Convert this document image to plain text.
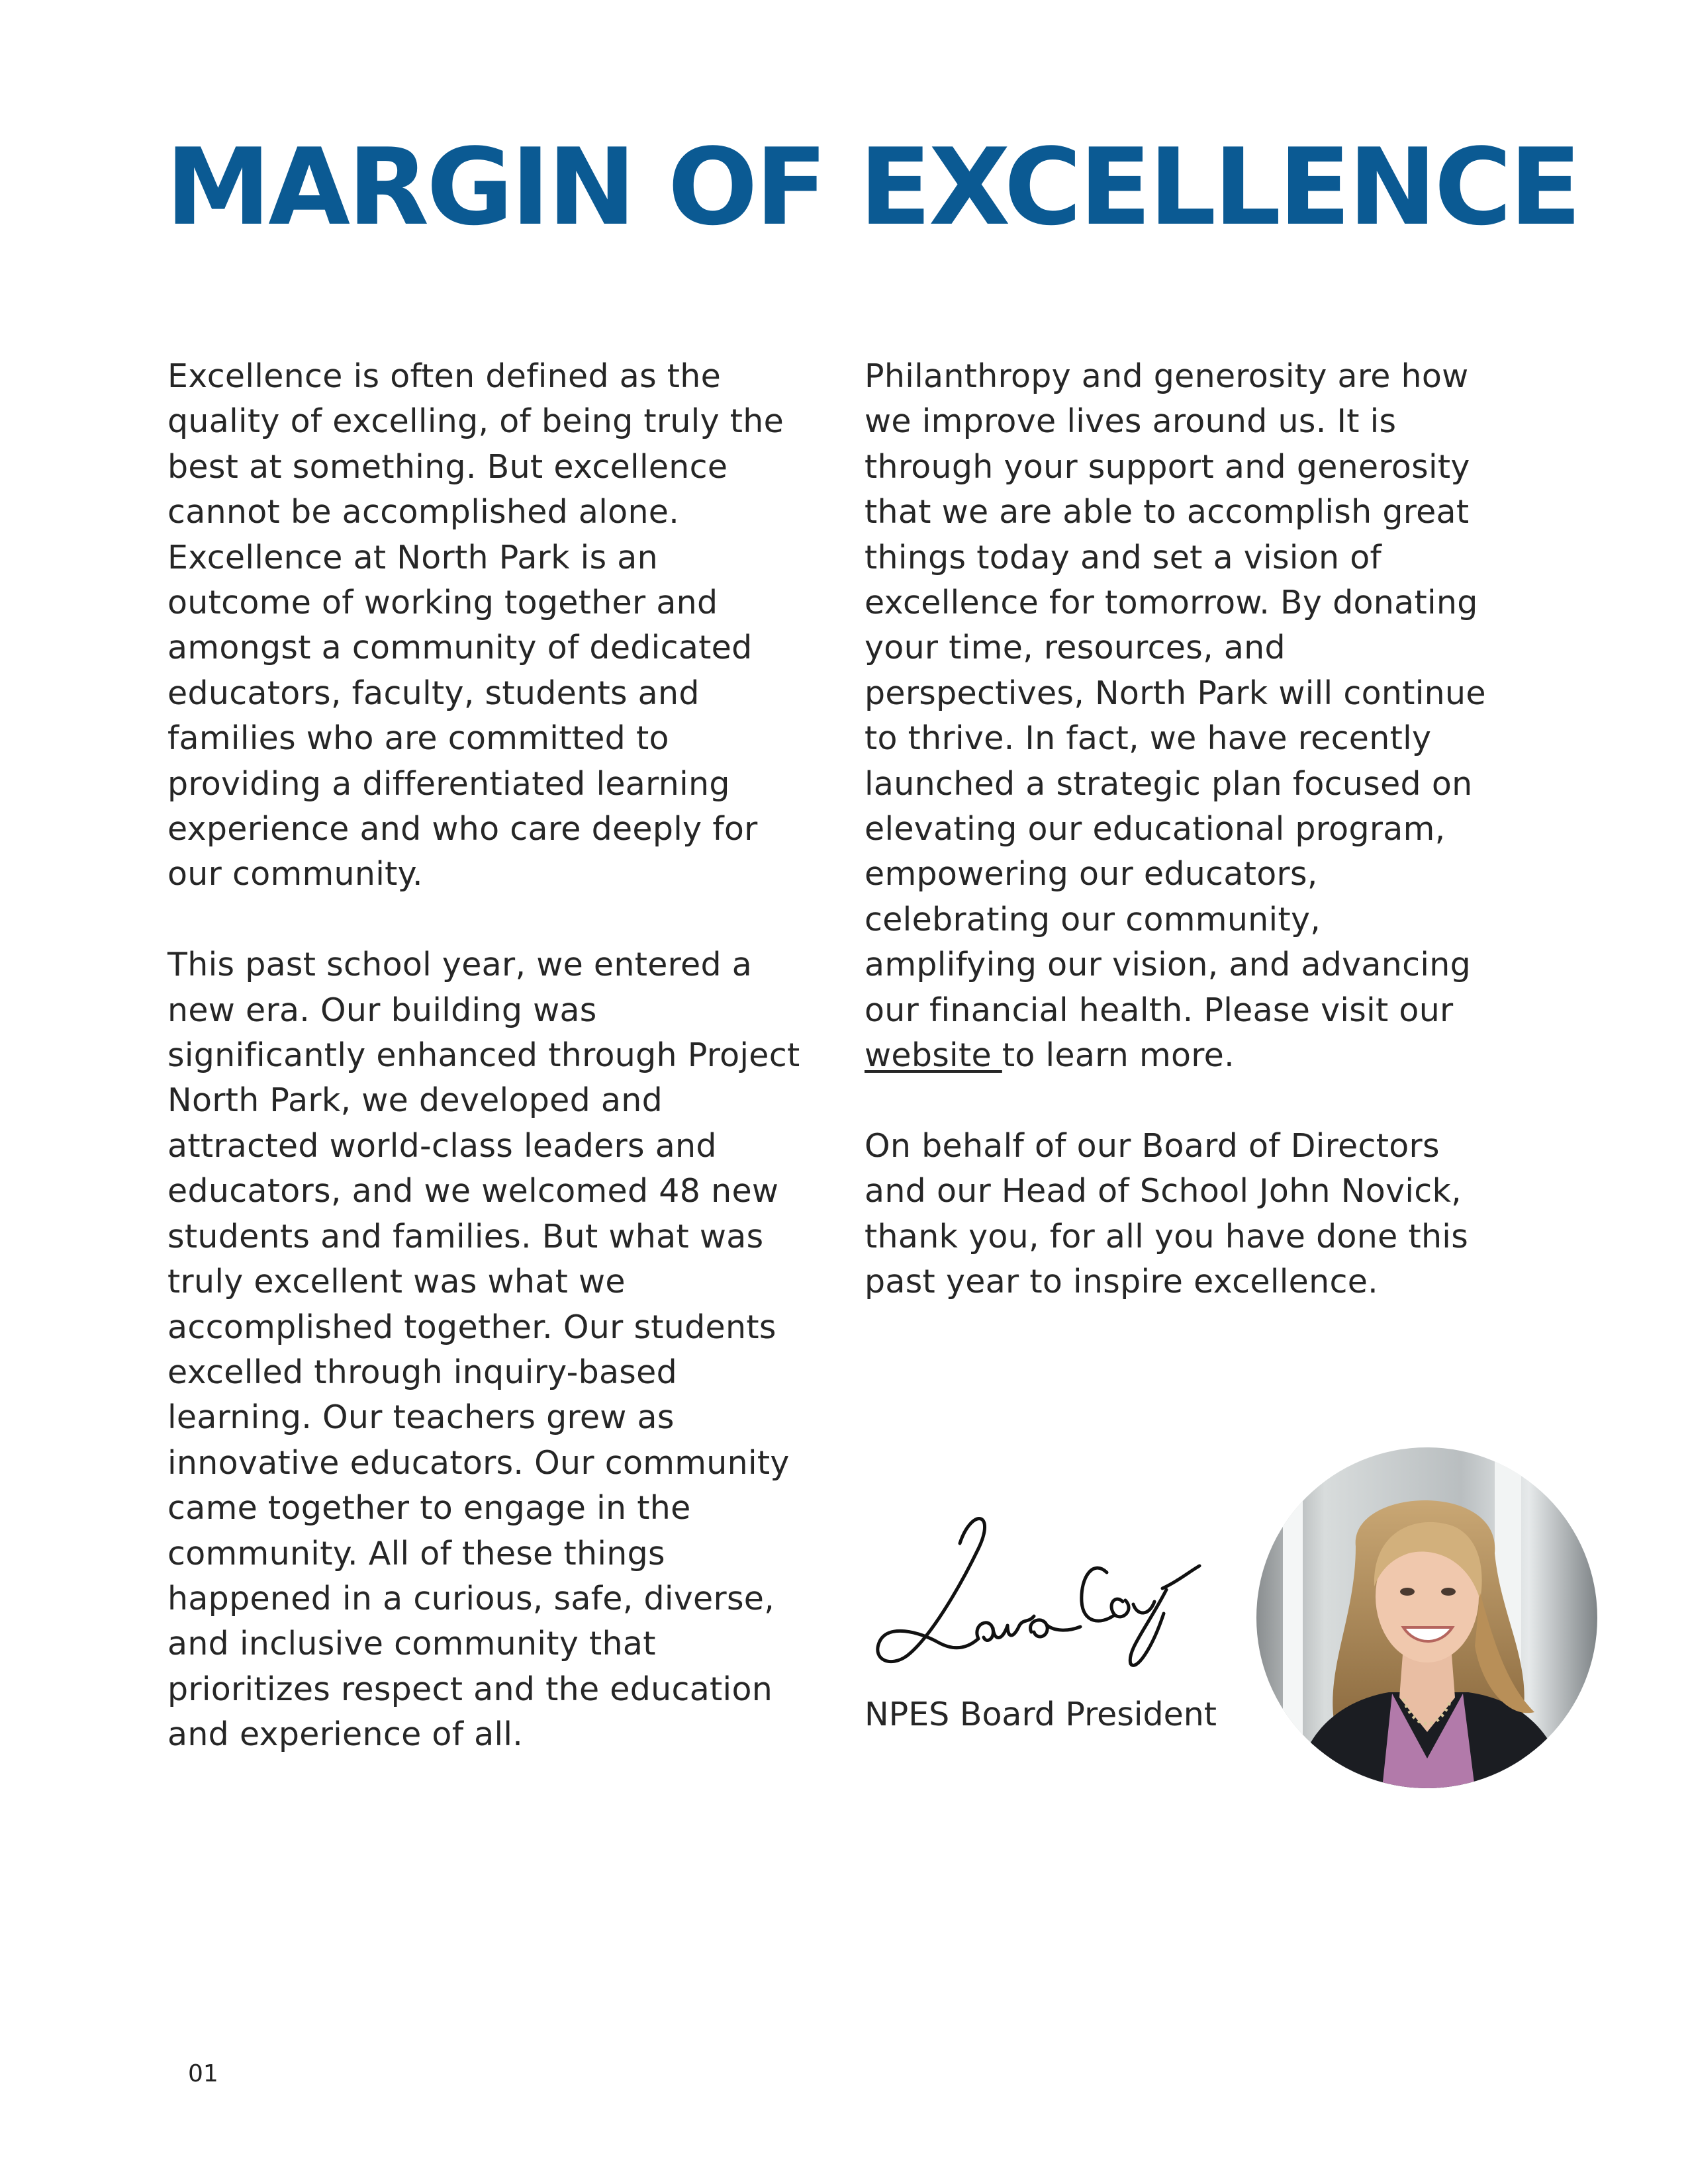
MARGIN OF EXCELLENCE

Excellence is often defined as the quality of excelling, of being truly the best at something. But excellence cannot be accomplished alone. Excellence at North Park is an outcome of working together and amongst a community of dedicated educators, faculty, students and families who are committed to providing a differentiated learning experience and who care deeply for our community.

This past school year, we entered a new era. Our building was significantly enhanced through Project North Park, we developed and attracted world-class leaders and educators, and we welcomed 48 new students and families. But what was truly excellent was what we accomplished together. Our students excelled through inquiry-based learning. Our teachers grew as innovative educators. Our community came together to engage in the community. All of these things happened in a curious, safe, diverse, and inclusive community that prioritizes respect and the education and experience of all.

Philanthropy and generosity are how we improve lives around us. It is through your support and generosity that we are able to accomplish great things today and set a vision of excellence for tomorrow. By donating your time, resources, and perspectives, North Park will continue to thrive. In fact, we have recently launched a strategic plan focused on elevating our educational program, empowering our educators, celebrating our community, amplifying our vision, and advancing our financial health. Please visit our website to learn more.

On behalf of our Board of Directors and our Head of School John Novick, thank you, for all you have done this past year to inspire excellence.

NPES Board President

01
